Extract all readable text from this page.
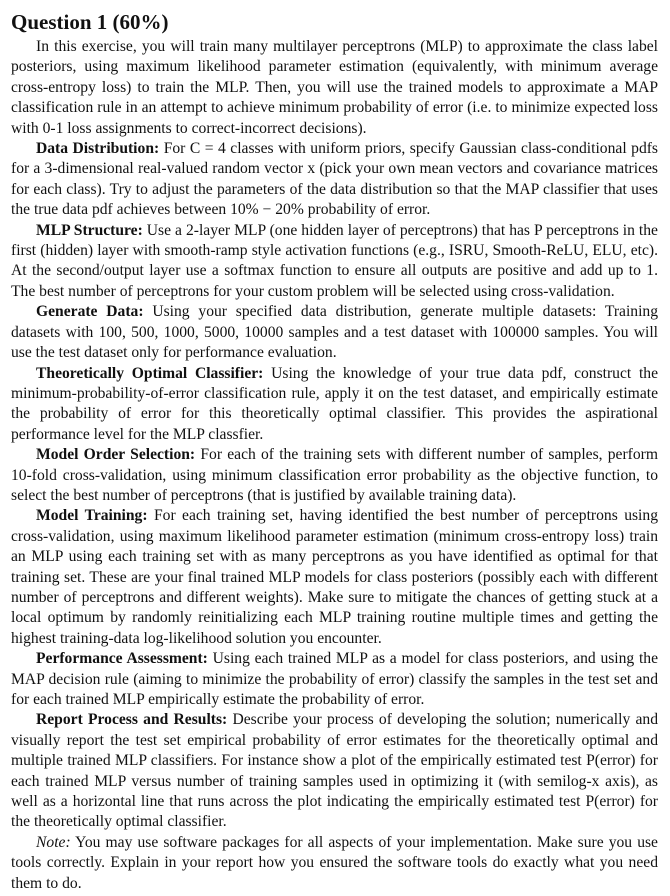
Question 1 (60%)

In this exercise, you will train many multilayer perceptrons (MLP) to approximate the class label posteriors, using maximum likelihood parameter estimation (equivalently, with minimum average cross-entropy loss) to train the MLP. Then, you will use the trained models to approximate a MAP classification rule in an attempt to achieve minimum probability of error (i.e. to minimize expected loss with 0-1 loss assignments to correct-incorrect decisions).

Data Distribution: For C = 4 classes with uniform priors, specify Gaussian class-conditional pdfs for a 3-dimensional real-valued random vector x (pick your own mean vectors and covariance matrices for each class). Try to adjust the parameters of the data distribution so that the MAP classifier that uses the true data pdf achieves between 10% − 20% probability of error.

MLP Structure: Use a 2-layer MLP (one hidden layer of perceptrons) that has P perceptrons in the first (hidden) layer with smooth-ramp style activation functions (e.g., ISRU, Smooth-ReLU, ELU, etc). At the second/output layer use a softmax function to ensure all outputs are positive and add up to 1. The best number of perceptrons for your custom problem will be selected using cross-validation.

Generate Data: Using your specified data distribution, generate multiple datasets: Training datasets with 100, 500, 1000, 5000, 10000 samples and a test dataset with 100000 samples. You will use the test dataset only for performance evaluation.

Theoretically Optimal Classifier: Using the knowledge of your true data pdf, construct the minimum-probability-of-error classification rule, apply it on the test dataset, and empirically estimate the probability of error for this theoretically optimal classifier. This provides the aspirational performance level for the MLP classfier.

Model Order Selection: For each of the training sets with different number of samples, perform 10-fold cross-validation, using minimum classification error probability as the objective function, to select the best number of perceptrons (that is justified by available training data).

Model Training: For each training set, having identified the best number of perceptrons using cross-validation, using maximum likelihood parameter estimation (minimum cross-entropy loss) train an MLP using each training set with as many perceptrons as you have identified as optimal for that training set. These are your final trained MLP models for class posteriors (possibly each with different number of perceptrons and different weights). Make sure to mitigate the chances of getting stuck at a local optimum by randomly reinitializing each MLP training routine multiple times and getting the highest training-data log-likelihood solution you encounter.

Performance Assessment: Using each trained MLP as a model for class posteriors, and using the MAP decision rule (aiming to minimize the probability of error) classify the samples in the test set and for each trained MLP empirically estimate the probability of error.

Report Process and Results: Describe your process of developing the solution; numerically and visually report the test set empirical probability of error estimates for the theoretically optimal and multiple trained MLP classifiers. For instance show a plot of the empirically estimated test P(error) for each trained MLP versus number of training samples used in optimizing it (with semilog-x axis), as well as a horizontal line that runs across the plot indicating the empirically estimated test P(error) for the theoretically optimal classifier.

Note: You may use software packages for all aspects of your implementation. Make sure you use tools correctly. Explain in your report how you ensured the software tools do exactly what you need them to do.
